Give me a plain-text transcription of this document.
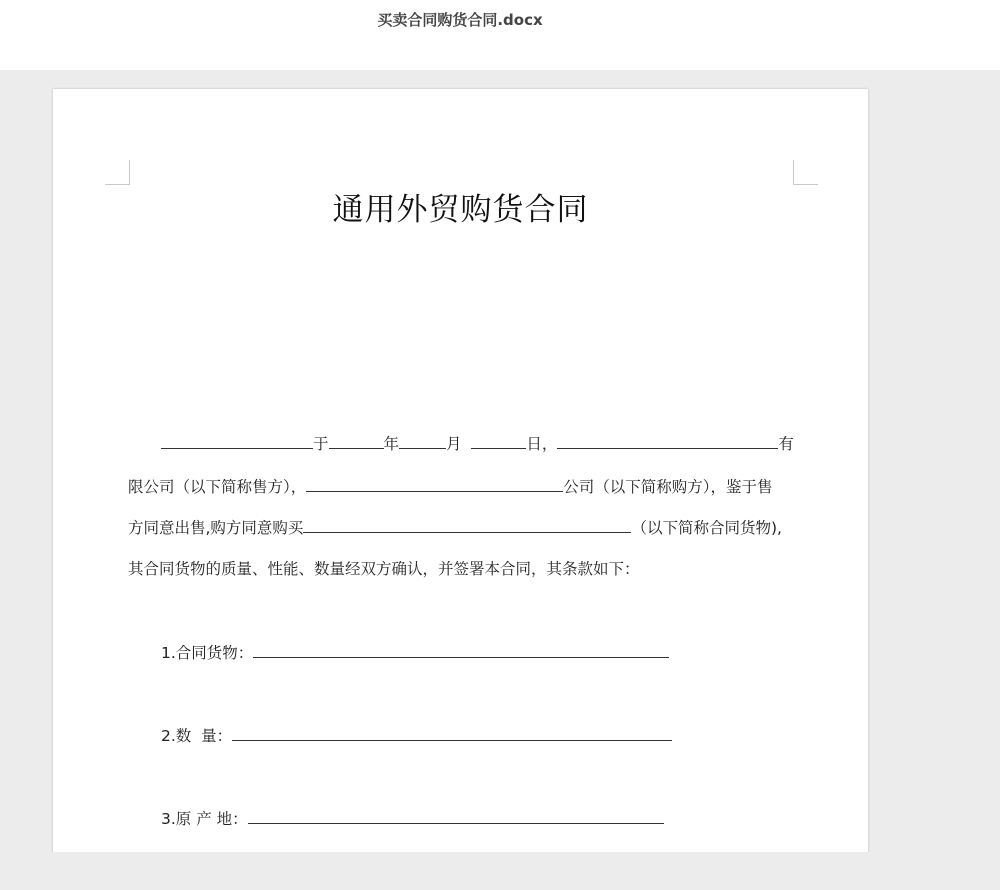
买卖合同购货合同.docx
通用外贸购货合同
于	年	月	日，	有
限公司（以下简称售方），	公司（以下简称购方），鉴于售
方同意出售,购方同意购买	（以下简称合同货物),
其合同货物的质量、性能、数量经双方确认，并签署本合同，其条款如下：
1.合同货物：
2.数  量：
3.原 产 地：
